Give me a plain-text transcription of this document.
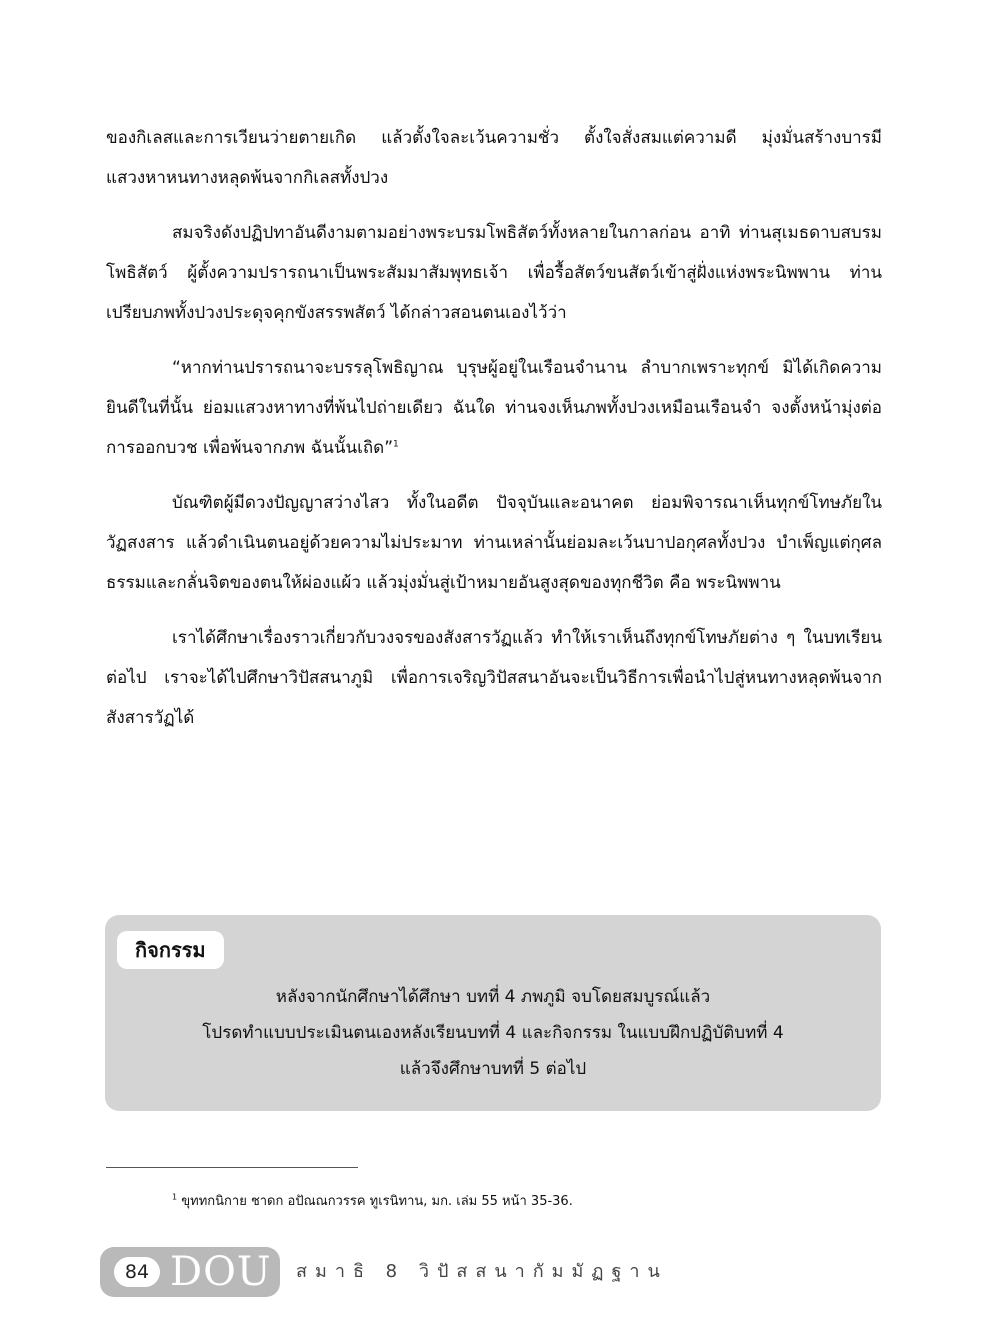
ของกิเลสและการเวียนว่ายตายเกิด แล้วตั้งใจละเว้นความชั่ว ตั้งใจสั่งสมแต่ความดี มุ่งมั่นสร้างบารมี แสวงหาหนทางหลุดพ้นจากกิเลสทั้งปวง

สมจริงดังปฏิปทาอันดีงามตามอย่างพระบรมโพธิสัตว์ทั้งหลายในกาลก่อน อาทิ ท่านสุเมธดาบสบรมโพธิสัตว์ ผู้ตั้งความปรารถนาเป็นพระสัมมาสัมพุทธเจ้า เพื่อรื้อสัตว์ขนสัตว์เข้าสู่ฝั่งแห่งพระนิพพาน ท่านเปรียบภพทั้งปวงประดุจคุกขังสรรพสัตว์ ได้กล่าวสอนตนเองไว้ว่า

“หากท่านปรารถนาจะบรรลุโพธิญาณ บุรุษผู้อยู่ในเรือนจำนาน ลำบากเพราะทุกข์ มิได้เกิดความยินดีในที่นั้น ย่อมแสวงหาทางที่พ้นไปถ่ายเดียว ฉันใด ท่านจงเห็นภพทั้งปวงเหมือนเรือนจำ จงตั้งหน้ามุ่งต่อการออกบวช เพื่อพ้นจากภพ ฉันนั้นเถิด”$^1$

บัณฑิตผู้มีดวงปัญญาสว่างไสว ทั้งในอดีต ปัจจุบันและอนาคต ย่อมพิจารณาเห็นทุกข์โทษภัยในวัฏสงสาร แล้วดำเนินตนอยู่ด้วยความไม่ประมาท ท่านเหล่านั้นย่อมละเว้นบาปอกุศลทั้งปวง บำเพ็ญแต่กุศลธรรมและกลั่นจิตของตนให้ผ่องแผ้ว แล้วมุ่งมั่นสู่เป้าหมายอันสูงสุดของทุกชีวิต คือ พระนิพพาน

เราได้ศึกษาเรื่องราวเกี่ยวกับวงจรของสังสารวัฏแล้ว ทำให้เราเห็นถึงทุกข์โทษภัยต่าง ๆ ในบทเรียนต่อไป เราจะได้ไปศึกษาวิปัสสนาภูมิ เพื่อการเจริญวิปัสสนาอันจะเป็นวิธีการเพื่อนำไปสู่หนทางหลุดพ้นจากสังสารวัฏได้

กิจกรรม
หลังจากนักศึกษาได้ศึกษา บทที่ 4 ภพภูมิ จบโดยสมบูรณ์แล้ว
โปรดทำแบบประเมินตนเองหลังเรียนบทที่ 4 และกิจกรรม ในแบบฝึกปฏิบัติบทที่ 4
แล้วจึงศึกษาบทที่ 5 ต่อไป
$^1$ ขุททกนิกาย ชาดก อปัณณกวรรค ทูเรนิทาน, มก. เล่ม 55 หน้า 35-36.
84 DOU สมาธิ 8 วิปัสสนากัมมัฏฐาน
